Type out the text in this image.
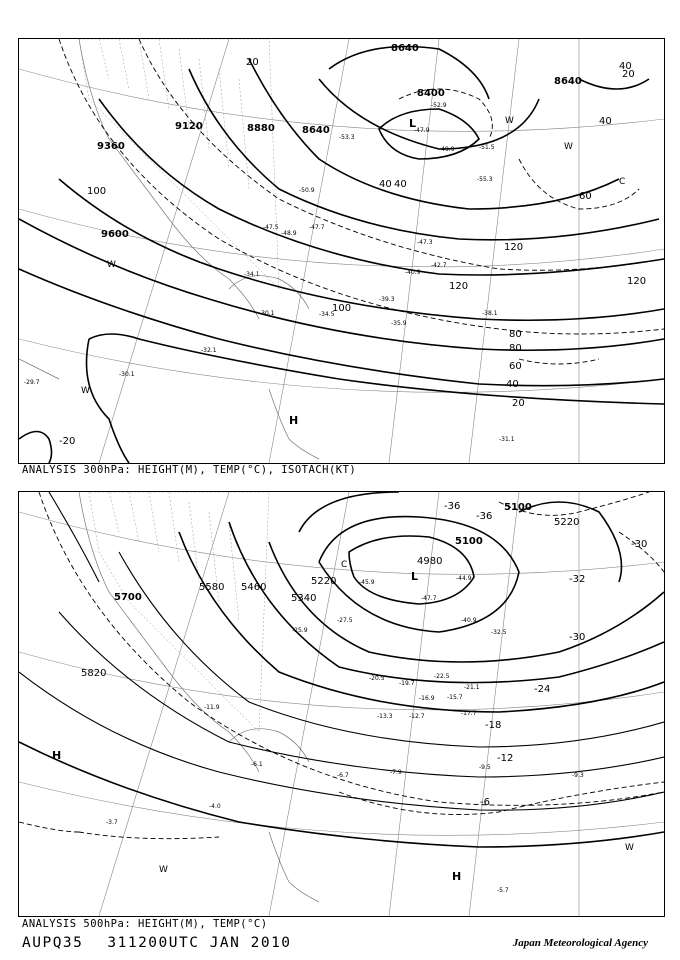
8640
8400
8640
8640
8880
9120
9360
9600
20
40
60
80
100
120
40
60
80
120
100
120
40
20
-20
40
20
40
-47.9
-52.9
-49.9	-51.5
-55.3
-47.7
-48.9
-47.3
-40.9
-42.7
-39.3
-35.9
-34.1
-30.1
-32.1
-34.5	-38.1
-31.1
-30.1
-29.7
-53.3
-50.9
-47.5
L
H
C
W
W
W
W
ANALYSIS 300hPa: HEIGHT(M), TEMP(°C), ISOTACH(KT)
5100
5100
4980
5220
5220
5340
5460
5580
5700
5820
-36
-30
-30
-32
-24
-18
-12
-6
-36
-45.9
-47.7
-44.9
-40.9
-32.5
-27.5
-25.9
-20.5	-22.5
-17.7
-16.9
-12.7
-11.9
-9.5
-9.3
-7.9
-6.7
-6.1
-5.7
-4.0
-3.7
-13.3
-15.7
-19.7
-21.1
L
H
H
C
W
W
ANALYSIS 500hPa: HEIGHT(M), TEMP(°C)
AUPQ35 311200UTC JAN 2010	Japan Meteorological Agency
